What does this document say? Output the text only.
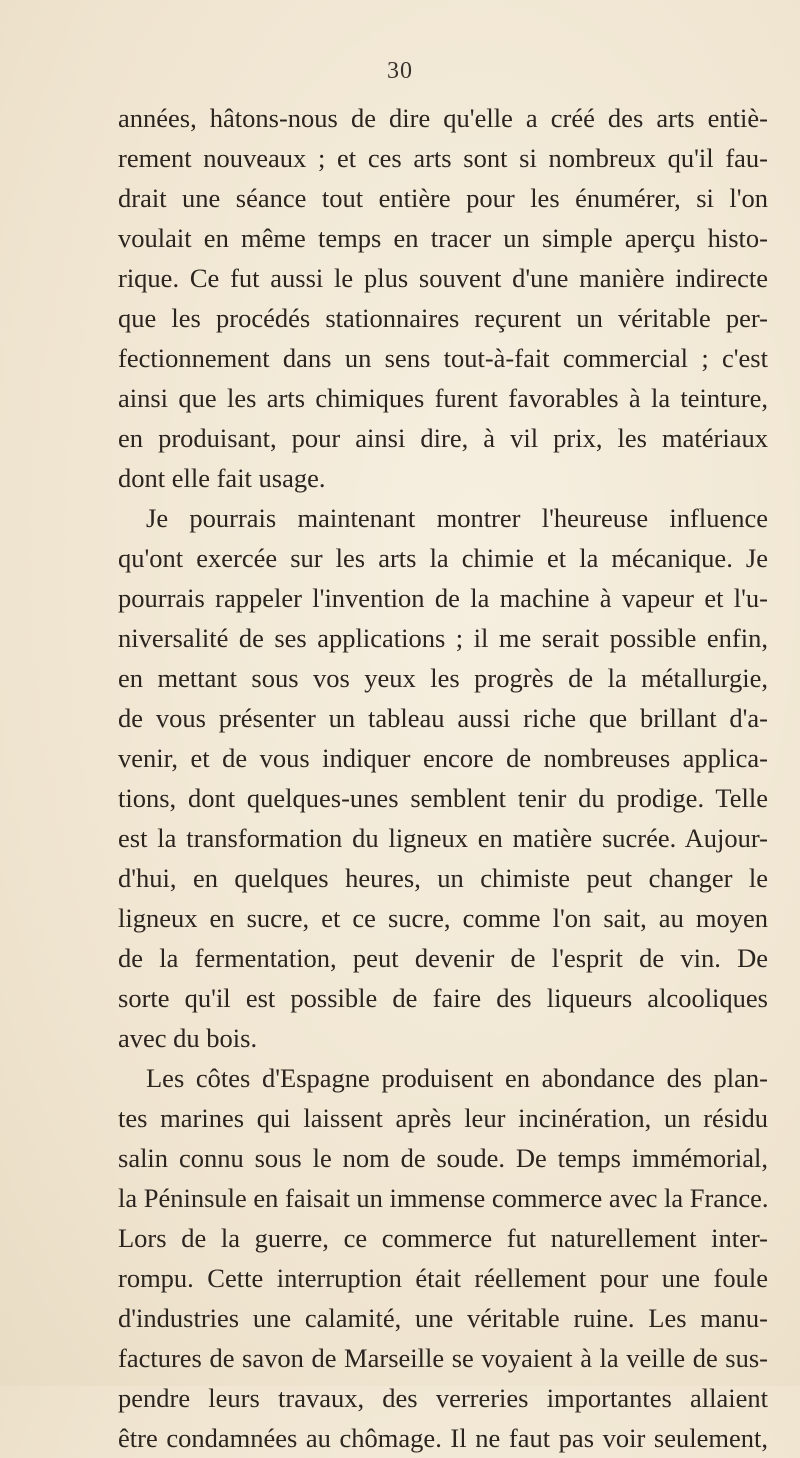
30
années, hâtons-nous de dire qu'elle a créé des arts entiè-
rement nouveaux ; et ces arts sont si nombreux qu'il fau-
drait une séance tout entière pour les énumérer, si l'on
voulait en même temps en tracer un simple aperçu histo-
rique. Ce fut aussi le plus souvent d'une manière indirecte
que les procédés stationnaires reçurent un véritable per-
fectionnement dans un sens tout-à-fait commercial ; c'est
ainsi que les arts chimiques furent favorables à la teinture,
en produisant, pour ainsi dire, à vil prix, les matériaux
dont elle fait usage.
Je pourrais maintenant montrer l'heureuse influence
qu'ont exercée sur les arts la chimie et la mécanique. Je
pourrais rappeler l'invention de la machine à vapeur et l'u-
niversalité de ses applications ; il me serait possible enfin,
en mettant sous vos yeux les progrès de la métallurgie,
de vous présenter un tableau aussi riche que brillant d'a-
venir, et de vous indiquer encore de nombreuses applica-
tions, dont quelques-unes semblent tenir du prodige. Telle
est la transformation du ligneux en matière sucrée. Aujour-
d'hui, en quelques heures, un chimiste peut changer le
ligneux en sucre, et ce sucre, comme l'on sait, au moyen
de la fermentation, peut devenir de l'esprit de vin. De
sorte qu'il est possible de faire des liqueurs alcooliques
avec du bois.
Les côtes d'Espagne produisent en abondance des plan-
tes marines qui laissent après leur incinération, un résidu
salin connu sous le nom de soude. De temps immémorial,
la Péninsule en faisait un immense commerce avec la France.
Lors de la guerre, ce commerce fut naturellement inter-
rompu. Cette interruption était réellement pour une foule
d'industries une calamité, une véritable ruine. Les manu-
factures de savon de Marseille se voyaient à la veille de sus-
pendre leurs travaux, des verreries importantes allaient
être condamnées au chômage. Il ne faut pas voir seulement,
